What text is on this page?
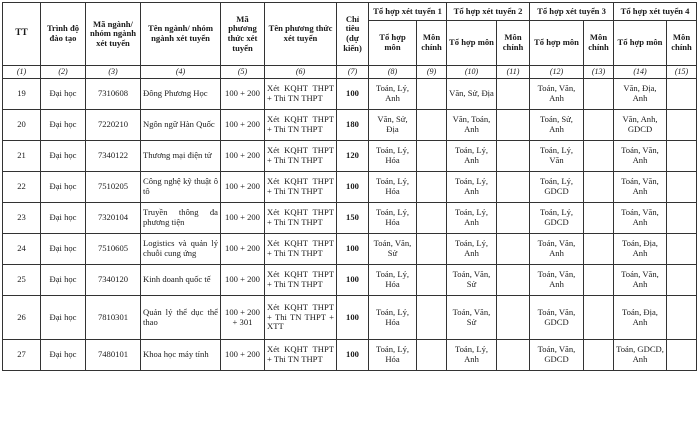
TT	Trình độ đào tạo	Mã ngành/ nhóm ngành xét tuyển	Tên ngành/ nhóm ngành xét tuyển	Mã phương thức xét tuyển	Tên phương thức xét tuyển	Chỉ tiêu (dự kiến)	Tổ hợp xét tuyển 1		Tổ hợp xét tuyển 2		Tổ hợp xét tuyển 3		Tổ hợp xét tuyển 4	
							Tổ hợp môn	Môn chính	Tổ hợp môn	Môn chính	Tổ hợp môn	Môn chính	Tổ hợp môn	Môn chính
(1)	(2)	(3)	(4)	(5)	(6)	(7)	(8)	(9)	(10)	(11)	(12)	(13)	(14)	(15)
19	Đại học	7310608	Đông Phương Học	100 + 200	Xét KQHT THPT + Thi TN THPT	100	Toán, Lý, Anh		Văn, Sử, Địa		Toán, Văn, Anh		Văn, Địa, Anh	
20	Đại học	7220210	Ngôn ngữ Hàn Quốc	100 + 200	Xét KQHT THPT + Thi TN THPT	180	Văn, Sử, Địa		Văn, Toán, Anh		Toán, Sử, Anh		Văn, Anh, GDCD	
21	Đại học	7340122	Thương mại điện tử	100 + 200	Xét KQHT THPT + Thi TN THPT	120	Toán, Lý, Hóa		Toán, Lý, Anh		Toán, Lý, Văn		Toán, Văn, Anh	
22	Đại học	7510205	Công nghệ kỹ thuật ô tô	100 + 200	Xét KQHT THPT + Thi TN THPT	100	Toán, Lý, Hóa		Toán, Lý, Anh		Toán, Lý, GDCD		Toán, Văn, Anh	
23	Đại học	7320104	Truyền thông đa phương tiện	100 + 200	Xét KQHT THPT + Thi TN THPT	150	Toán, Lý, Hóa		Toán, Lý, Anh		Toán, Lý, GDCD		Toán, Văn, Anh	
24	Đại học	7510605	Logistics và quản lý chuỗi cung ứng	100 + 200	Xét KQHT THPT + Thi TN THPT	100	Toán, Văn, Sử		Toán, Lý, Anh		Toán, Văn, Anh		Toán, Địa, Anh	
25	Đại học	7340120	Kinh doanh quốc tế	100 + 200	Xét KQHT THPT + Thi TN THPT	100	Toán, Lý, Hóa		Toán, Văn, Sử		Toán, Văn, Anh		Toán, Văn, Anh	
26	Đại học	7810301	Quản lý thể dục thể thao	100 + 200 + 301	Xét KQHT THPT + Thi TN THPT + XTT	100	Toán, Lý, Hóa		Toán, Văn, Sử		Toán, Văn, GDCD		Toán, Địa, Anh	
27	Đại học	7480101	Khoa học máy tính	100 + 200	Xét KQHT THPT + Thi TN THPT	100	Toán, Lý, Hóa		Toán, Lý, Anh		Toán, Văn, GDCD		Toán, GDCD, Anh	
